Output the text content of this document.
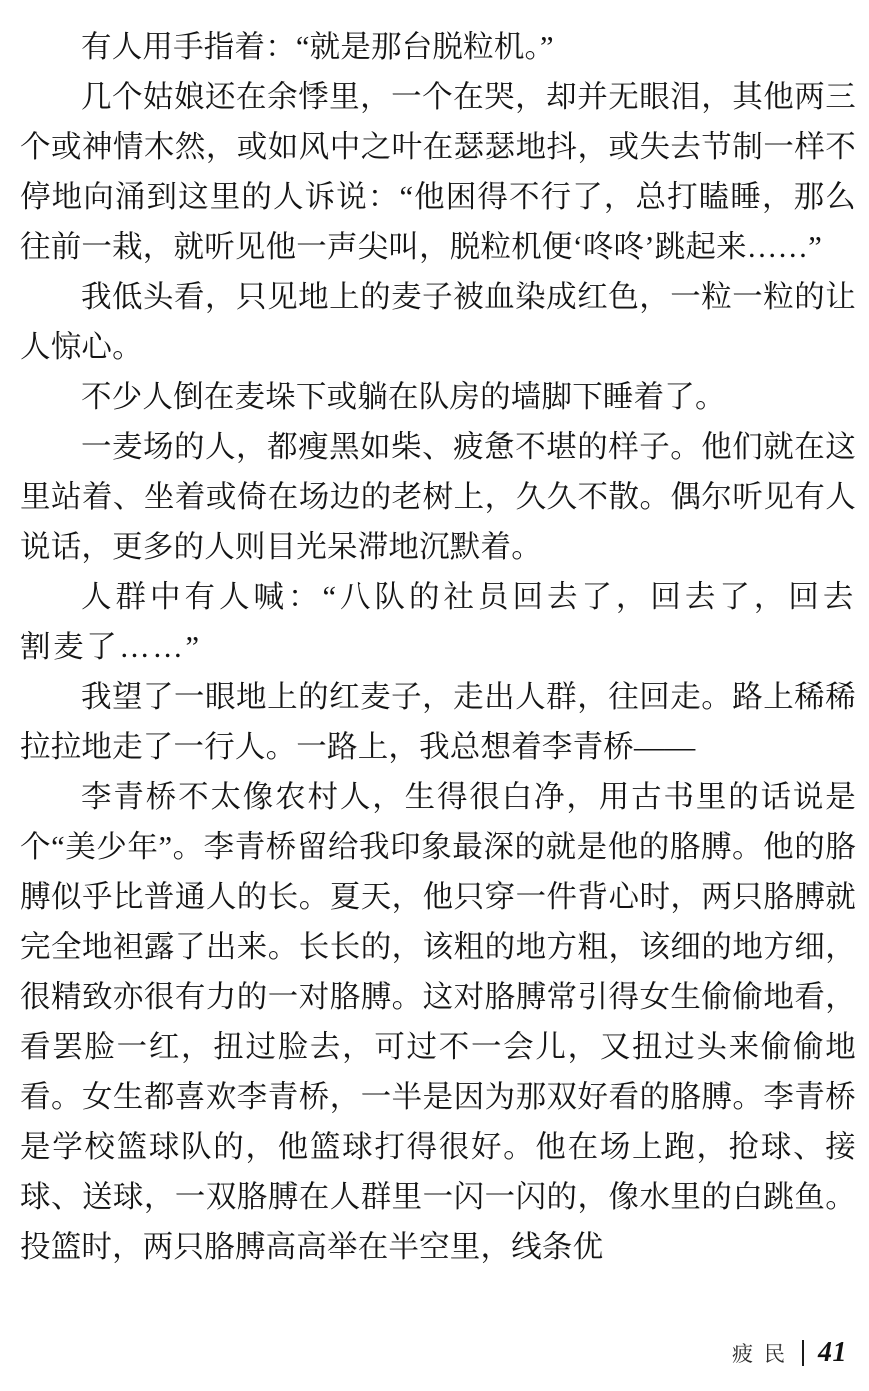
有人用手指着：“就是那台脱粒机。”

几个姑娘还在余悸里，一个在哭，却并无眼泪，其他两三个或神情木然，或如风中之叶在瑟瑟地抖，或失去节制一样不停地向涌到这里的人诉说：“他困得不行了，总打瞌睡，那么往前一栽，就听见他一声尖叫，脱粒机便‘咚咚’跳起来……”

我低头看，只见地上的麦子被血染成红色，一粒一粒的让人惊心。

不少人倒在麦垛下或躺在队房的墙脚下睡着了。

一麦场的人，都瘦黑如柴、疲惫不堪的样子。他们就在这里站着、坐着或倚在场边的老树上，久久不散。偶尔听见有人说话，更多的人则目光呆滞地沉默着。

人群中有人喊：“八队的社员回去了，回去了，回去割麦了……”

我望了一眼地上的红麦子，走出人群，往回走。路上稀稀拉拉地走了一行人。一路上，我总想着李青桥——

李青桥不太像农村人，生得很白净，用古书里的话说是个“美少年”。李青桥留给我印象最深的就是他的胳膊。他的胳膊似乎比普通人的长。夏天，他只穿一件背心时，两只胳膊就完全地袒露了出来。长长的，该粗的地方粗，该细的地方细，很精致亦很有力的一对胳膊。这对胳膊常引得女生偷偷地看，看罢脸一红，扭过脸去，可过不一会儿，又扭过头来偷偷地看。女生都喜欢李青桥，一半是因为那双好看的胳膊。李青桥是学校篮球队的，他篮球打得很好。他在场上跑，抢球、接球、送球，一双胳膊在人群里一闪一闪的，像水里的白跳鱼。投篮时，两只胳膊高高举在半空里，线条优

疲民 41
